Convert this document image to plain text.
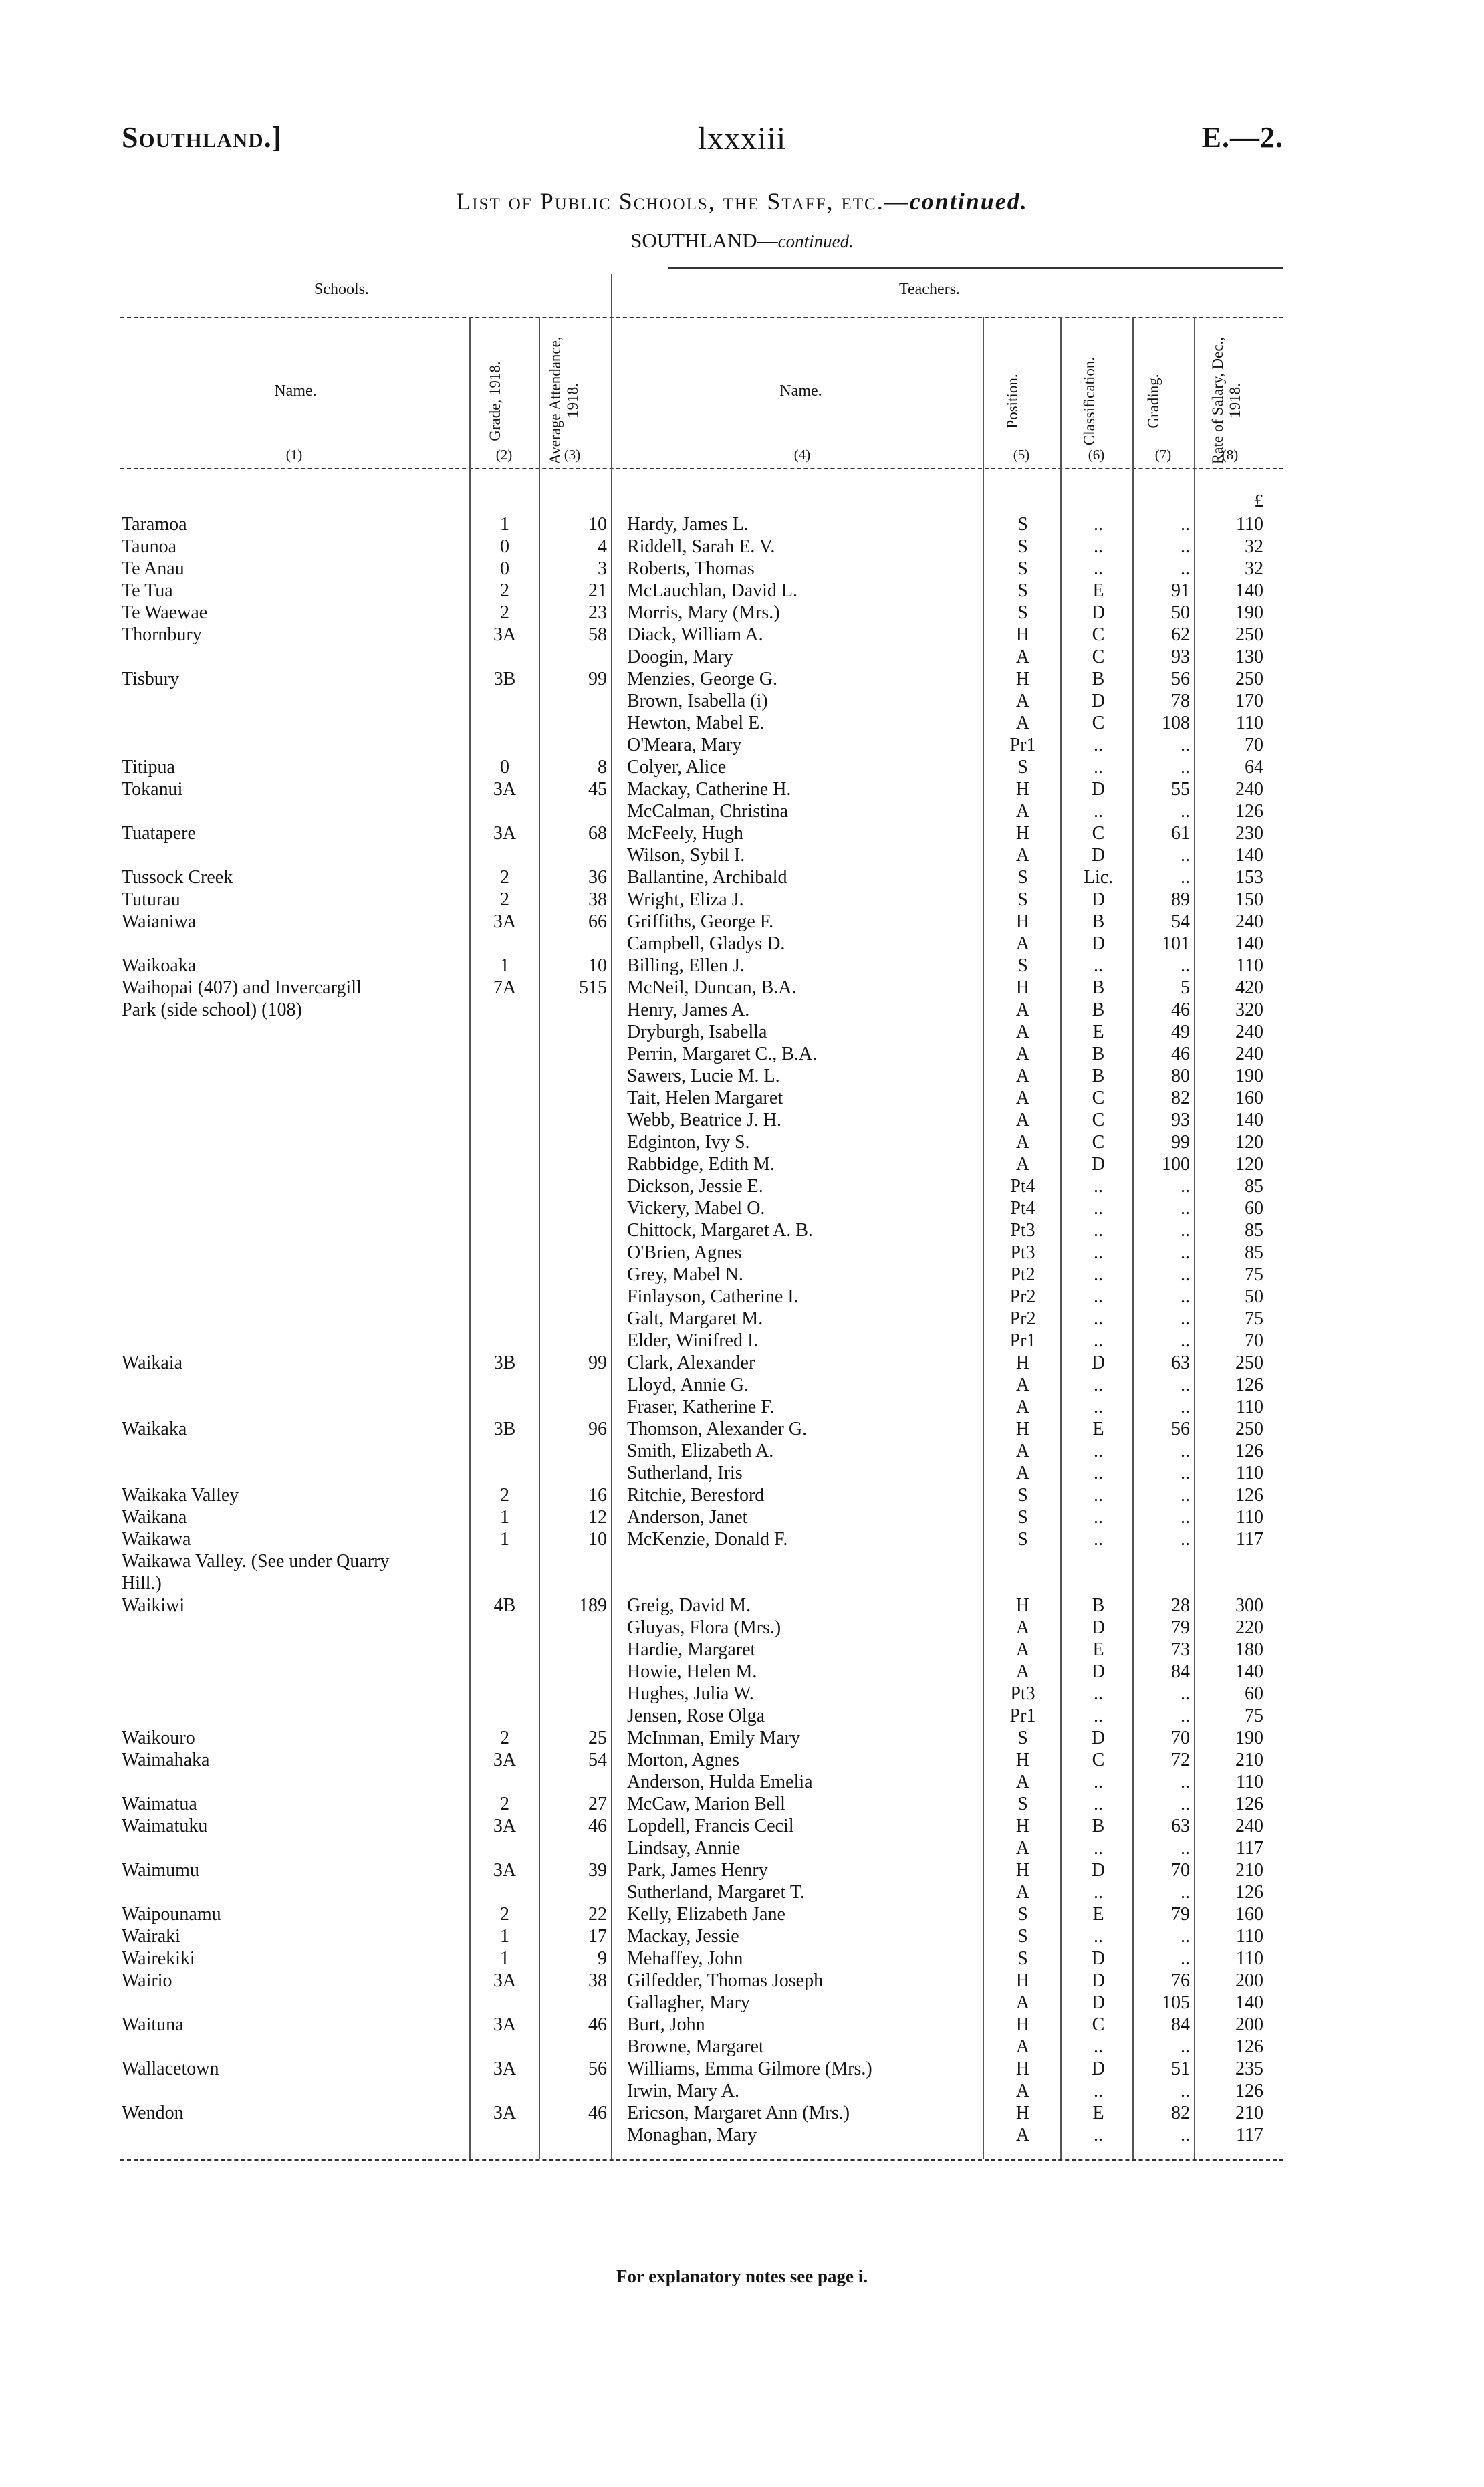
Southland.]	lxxxiii	E.—2.
List of Public Schools, the Staff, etc.—continued.
SOUTHLAND—continued.
Schools.	Teachers.
Name.	Grade, 1918.	Average Attendance, 1918.	Name.	Position.	Classification.	Grading.	Rate of Salary, Dec., 1918.
(1)	(2)	(3)	(4)	(5)	(6)	(7)	(8)
£
Taramoa	1	10 Hardy, James L.	S	..	..	110
Taunoa	0	4 Riddell, Sarah E. V.	S	..	..	32
Te Anau	0	3 Roberts, Thomas	S	..	..	32
Te Tua	2	21 McLauchlan, David L.	S	E	91	140
Te Waewae	2	23 Morris, Mary (Mrs.)	S	D	50	190
Thornbury	3A	58 Diack, William A.	H	C	62	250
Doogin, Mary	A	C	93	130
Tisbury	3B	99 Menzies, George G.	H	B	56	250
Brown, Isabella (i)	A	D	78	170
Hewton, Mabel E.	A	C	108	110
O'Meara, Mary	Pr1	..	..	70
Titipua	0	8 Colyer, Alice	S	..	..	64
Tokanui	3A	45 Mackay, Catherine H.	H	D	55	240
McCalman, Christina	A	..	..	126
Tuatapere	3A	68 McFeely, Hugh	H	C	61	230
Wilson, Sybil I.	A	D	..	140
Tussock Creek	2	36 Ballantine, Archibald	S	Lic.	..	153
Tuturau	2	38 Wright, Eliza J.	S	D	89	150
Waianiwa	3A	66 Griffiths, George F.	H	B	54	240
Campbell, Gladys D.	A	D	101	140
Waikoaka	1	10 Billing, Ellen J.	S	..	..	110
Waihopai (407) and Invercargill	7A	515 McNeil, Duncan, B.A.	H	B	5	420
Park (side school) (108)	Henry, James A.	A	B	46	320
Dryburgh, Isabella	A	E	49	240
Perrin, Margaret C., B.A.	A	B	46	240
Sawers, Lucie M. L.	A	B	80	190
Tait, Helen Margaret	A	C	82	160
Webb, Beatrice J. H.	A	C	93	140
Edginton, Ivy S.	A	C	99	120
Rabbidge, Edith M.	A	D	100	120
Dickson, Jessie E.	Pt4	..	..	85
Vickery, Mabel O.	Pt4	..	..	60
Chittock, Margaret A. B.	Pt3	..	..	85
O'Brien, Agnes	Pt3	..	..	85
Grey, Mabel N.	Pt2	..	..	75
Finlayson, Catherine I.	Pr2	..	..	50
Galt, Margaret M.	Pr2	..	..	75
Elder, Winifred I.	Pr1	..	..	70
Waikaia	3B	99 Clark, Alexander	H	D	63	250
Lloyd, Annie G.	A	..	..	126
Fraser, Katherine F.	A	..	..	110
Waikaka	3B	96 Thomson, Alexander G.	H	E	56	250
Smith, Elizabeth A.	A	..	..	126
Sutherland, Iris	A	..	..	110
Waikaka Valley	2	16 Ritchie, Beresford	S	..	..	126
Waikana	1	12 Anderson, Janet	S	..	..	110
Waikawa	1	10 McKenzie, Donald F.	S	..	..	117
Waikawa Valley. (See under Quarry
Hill.)
Waikiwi	4B	189 Greig, David M.	H	B	28	300
Gluyas, Flora (Mrs.)	A	D	79	220
Hardie, Margaret	A	E	73	180
Howie, Helen M.	A	D	84	140
Hughes, Julia W.	Pt3	..	..	60
Jensen, Rose Olga	Pr1	..	..	75
Waikouro	2	25 McInman, Emily Mary	S	D	70	190
Waimahaka	3A	54 Morton, Agnes	H	C	72	210
Anderson, Hulda Emelia	A	..	..	110
Waimatua	2	27 McCaw, Marion Bell	S	..	..	126
Waimatuku	3A	46 Lopdell, Francis Cecil	H	B	63	240
Lindsay, Annie	A	..	..	117
Waimumu	3A	39 Park, James Henry	H	D	70	210
Sutherland, Margaret T.	A	..	..	126
Waipounamu	2	22 Kelly, Elizabeth Jane	S	E	79	160
Wairaki	1	17 Mackay, Jessie	S	..	..	110
Wairekiki	1	9 Mehaffey, John	S	D	..	110
Wairio	3A	38 Gilfedder, Thomas Joseph	H	D	76	200
Gallagher, Mary	A	D	105	140
Waituna	3A	46 Burt, John	H	C	84	200
Browne, Margaret	A	..	..	126
Wallacetown	3A	56 Williams, Emma Gilmore (Mrs.)	H	D	51	235
Irwin, Mary A.	A	..	..	126
Wendon	3A	46 Ericson, Margaret Ann (Mrs.)	H	E	82	210
Monaghan, Mary	A	..	..	117
For explanatory notes see page i.
